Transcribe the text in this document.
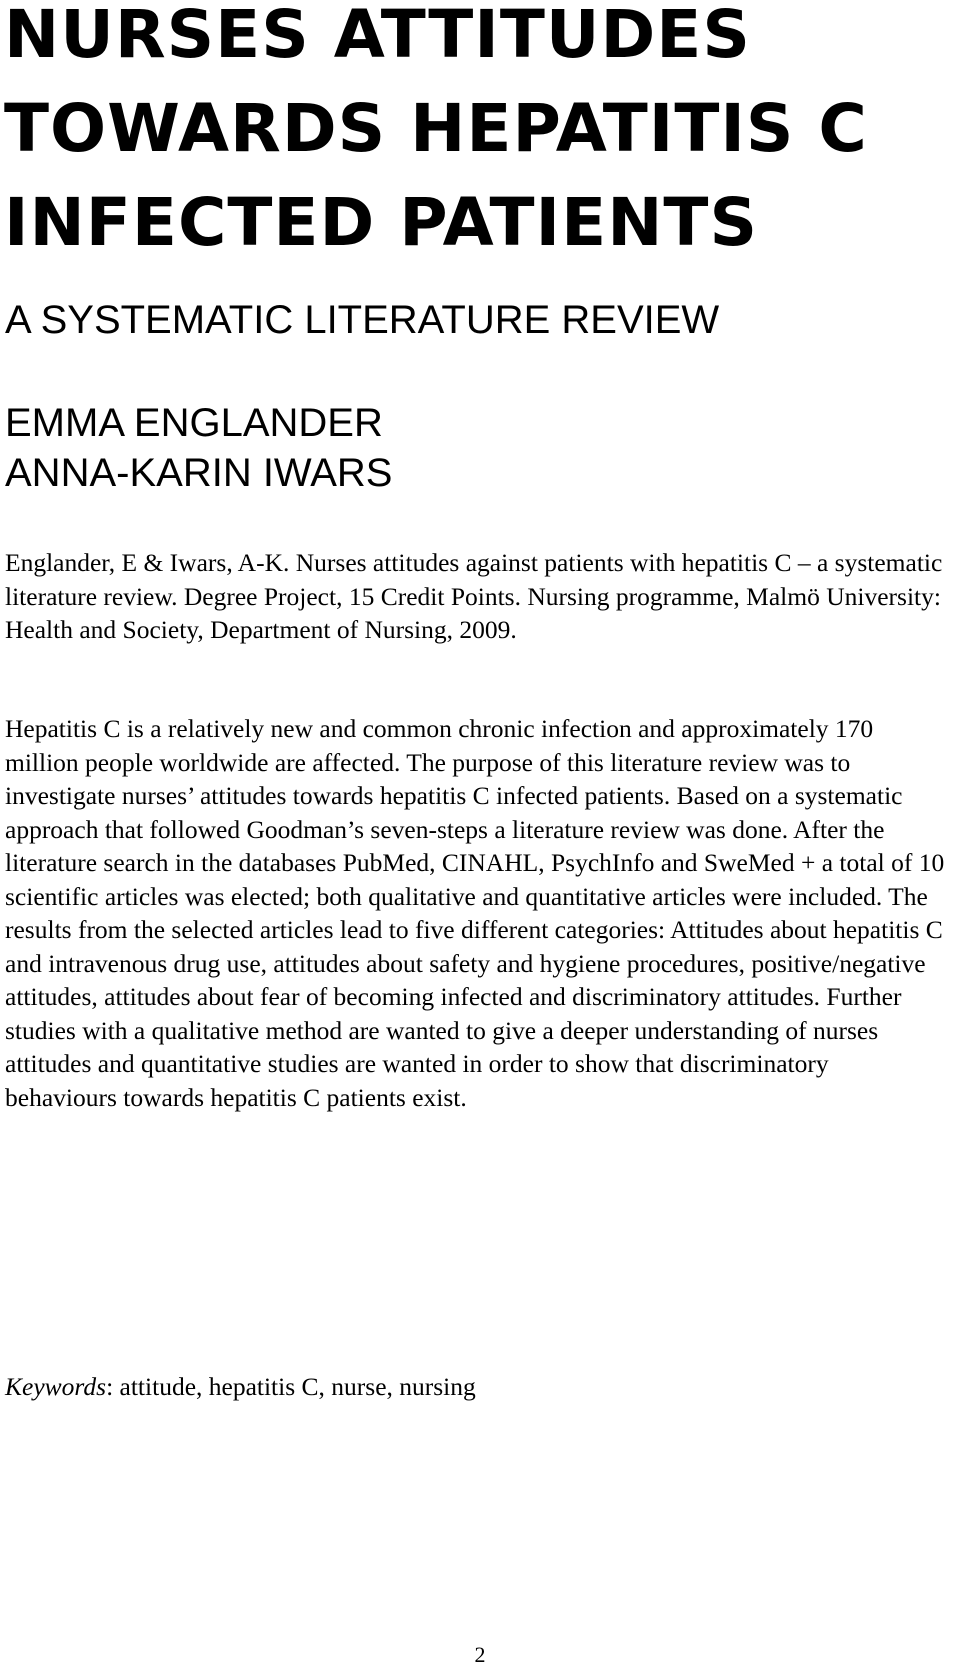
NURSES ATTITUDES
TOWARDS HEPATITIS C
INFECTED PATIENTS
A SYSTEMATIC LITERATURE REVIEW
EMMA ENGLANDER
ANNA-KARIN IWARS

Englander, E & Iwars, A-K. Nurses attitudes against patients with hepatitis C – a systematic literature review. Degree Project, 15 Credit Points. Nursing programme, Malmö University: Health and Society, Department of Nursing, 2009.

Hepatitis C is a relatively new and common chronic infection and approximately 170 million people worldwide are affected. The purpose of this literature review was to investigate nurses’ attitudes towards hepatitis C infected patients. Based on a systematic approach that followed Goodman’s seven-steps a literature review was done. After the literature search in the databases PubMed, CINAHL, PsychInfo and SweMed + a total of 10 scientific articles was elected; both qualitative and quantitative articles were included. The results from the selected articles lead to five different categories: Attitudes about hepatitis C and intravenous drug use, attitudes about safety and hygiene procedures, positive/negative attitudes, attitudes about fear of becoming infected and discriminatory attitudes. Further studies with a qualitative method are wanted to give a deeper understanding of nurses attitudes and quantitative studies are wanted in order to show that discriminatory behaviours towards hepatitis C patients exist.

Keywords: attitude, hepatitis C, nurse, nursing

2
